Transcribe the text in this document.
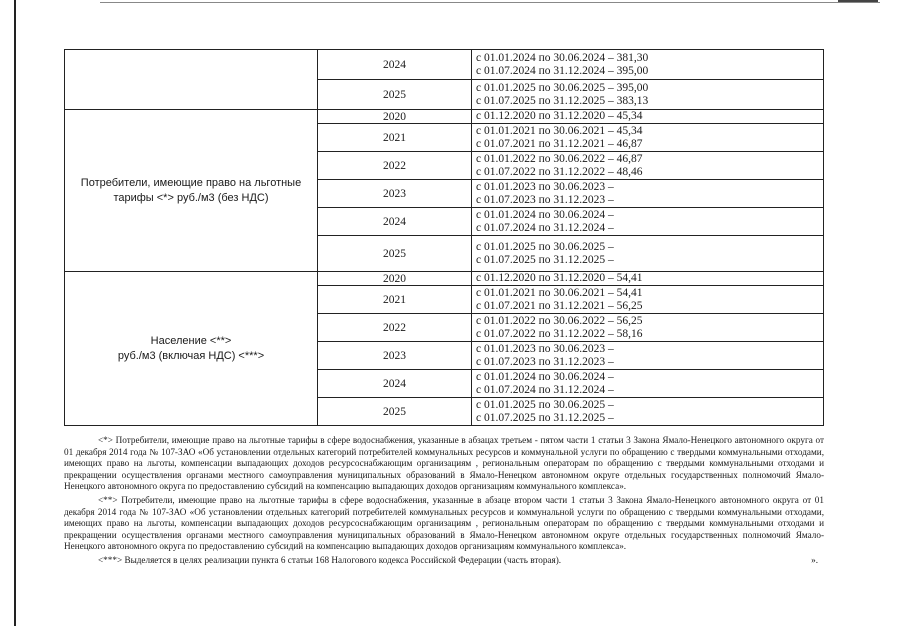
	2024	с 01.01.2024 по 30.06.2024 – 381,30
с 01.07.2024 по 31.12.2024 – 395,00

	2025	с 01.01.2025 по 30.06.2025 – 395,00
с 01.07.2025 по 31.12.2025 – 383,13

Потребители, имеющие право на льготные тарифы <*> руб./м3 (без НДС)	2020	с 01.12.2020 по 31.12.2020 – 45,34

	2021	с 01.01.2021 по 30.06.2021 – 45,34
с 01.07.2021 по 31.12.2021 – 46,87

	2022	с 01.01.2022 по 30.06.2022 – 46,87
с 01.07.2022 по 31.12.2022 – 48,46

	2023	с 01.01.2023 по 30.06.2023 –
с 01.07.2023 по 31.12.2023 –

	2024	с 01.01.2024 по 30.06.2024 –
с 01.07.2024 по 31.12.2024 –

	2025	с 01.01.2025 по 30.06.2025 –
с 01.07.2025 по 31.12.2025 –

Население <**>
руб./м3 (включая НДС) <***>	2020	с 01.12.2020 по 31.12.2020 – 54,41

	2021	с 01.01.2021 по 30.06.2021 – 54,41
с 01.07.2021 по 31.12.2021 – 56,25

	2022	с 01.01.2022 по 30.06.2022 – 56,25
с 01.07.2022 по 31.12.2022 – 58,16

	2023	с 01.01.2023 по 30.06.2023 –
с 01.07.2023 по 31.12.2023 –

	2024	с 01.01.2024 по 30.06.2024 –
с 01.07.2024 по 31.12.2024 –

	2025	с 01.01.2025 по 30.06.2025 –
с 01.07.2025 по 31.12.2025 –

<*> Потребители, имеющие право на льготные тарифы в сфере водоснабжения, указанные в абзацах третьем - пятом части 1 статьи 3 Закона Ямало-Ненецкого автономного округа от 01 декабря 2014 года № 107-ЗАО «Об установлении отдельных категорий потребителей коммунальных ресурсов и коммунальной услуги по обращению с твердыми коммунальными отходами, имеющих право на льготы, компенсации выпадающих доходов ресурсоснабжающим организациям , региональным операторам по обращению с твердыми коммунальными отходами и прекращении осуществления органами местного самоуправления муниципальных образований в Ямало-Ненецком автономном округе отдельных государственных полномочий Ямало-Ненецкого автономного округа по предоставлению субсидий на компенсацию выпадающих доходов организациям коммунального комплекса».

<**> Потребители, имеющие право на льготные тарифы в сфере водоснабжения, указанные в абзаце втором части 1 статьи 3 Закона Ямало-Ненецкого автономного округа от 01 декабря 2014 года № 107-ЗАО «Об установлении отдельных категорий потребителей коммунальных ресурсов и коммунальной услуги по обращению с твердыми коммунальными отходами, имеющих право на льготы, компенсации выпадающих доходов ресурсоснабжающим организациям , региональным операторам по обращению с твердыми коммунальными отходами и прекращении осуществления органами местного самоуправления муниципальных образований в Ямало-Ненецком автономном округе отдельных государственных полномочий Ямало-Ненецкого автономного округа по предоставлению субсидий на компенсацию выпадающих доходов организациям коммунального комплекса».

<***> Выделяется в целях реализации пункта 6 статьи 168 Налогового кодекса Российской Федерации (часть вторая).	».
